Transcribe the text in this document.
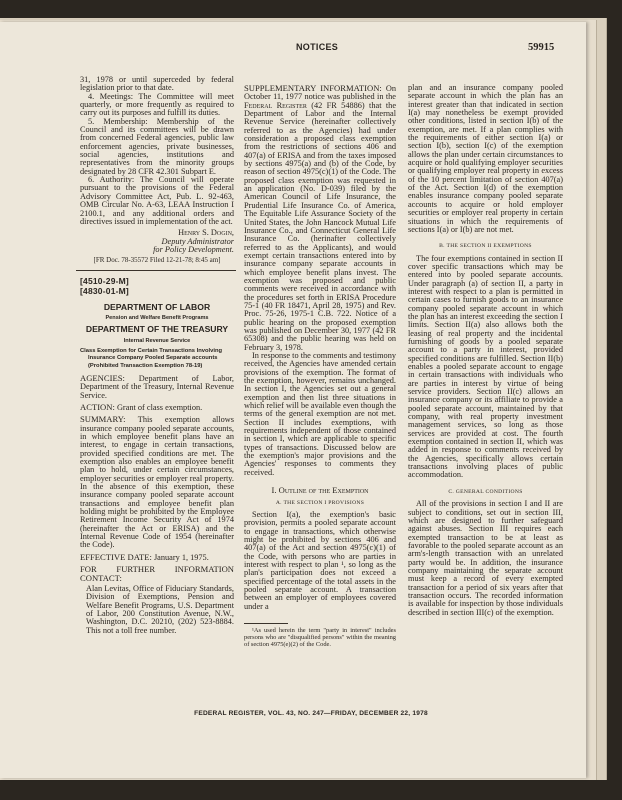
NOTICES	59915

31, 1978 or until superceded by federal legislation prior to that date.

4. Meetings: The Committee will meet quarterly, or more frequently as required to carry out its purposes and fulfill its duties.

5. Membership: Membership of the Council and its committees will be drawn from concerned Federal agencies, public law enforcement agencies, private businesses, social agencies, institutions and representatives from the minority groups designated by 28 CFR 42.301 Subpart E.

6. Authority: The Council will operate pursuant to the provisions of the Federal Advisory Committee Act, Pub. L. 92-463, OMB Circular No. A-63, LEAA Instruction I 2100.1, and any additional orders and directives issued in implementation of the act.

Henry S. Dogin,
Deputy Administrator
for Policy Development.

[FR Doc. 78-35572 Filed 12-21-78; 8:45 am]

[4510-29-M]
[4830-01-M]
DEPARTMENT OF LABOR
Pension and Welfare Benefit Programs
DEPARTMENT OF THE TREASURY
Internal Revenue Service
Class Exemption for Certain Transactions Involving Insurance Company Pooled Separate accounts (Prohibited Transaction Exemption 78-19)

AGENCIES: Department of Labor, Department of the Treasury, Internal Revenue Service.

ACTION: Grant of class exemption.

SUMMARY: This exemption allows insurance company pooled separate accounts, in which employee benefit plans have an interest, to engage in certain transactions, provided specified conditions are met. The exemption also enables an employee benefit plan to hold, under certain circumstances, employer securities or employer real property. In the absence of this exemption, these insurance company pooled separate account transactions and employee benefit plan holding might be prohibited by the Employee Retirement Income Security Act of 1974 (hereinafter the Act or ERISA) and the Internal Revenue Code of 1954 (hereinafter the Code).

EFFECTIVE DATE: January 1, 1975.

FOR FURTHER INFORMATION CONTACT:

Alan Levitas, Office of Fiduciary Standards, Division of Exemptions, Pension and Welfare Benefit Programs, U.S. Department of Labor, 200 Constitution Avenue, N.W., Washington, D.C. 20210, (202) 523-8884. This not a toll free number.

SUPPLEMENTARY INFORMATION: On October 11, 1977 notice was published in the Federal Register (42 FR 54886) that the Department of Labor and the Internal Revenue Service (hereinafter collectively referred to as the Agencies) had under consideration a proposed class exemption from the restrictions of sections 406 and 407(a) of ERISA and from the taxes imposed by sections 4975(a) and (b) of the Code, by reason of section 4975(c)(1) of the Code. The proposed class exemption was requested in an application (No. D-039) filed by the American Council of Life Insurance, the Prudential Life Insurance Co. of America, The Equitable Life Assurance Society of the United States, the John Hancock Mutual Life Insurance Co., and Connecticut General Life Insurance Co. (herinafter collectively referred to as the Applicants), and would exempt certain transactions entered into by insurance company separate accounts in which employee benefit plans invest. The exemption was proposed and public comments were received in accordance with the procedures set forth in ERISA Procedure 75-1 (40 FR 18471, April 28, 1975) and Rev. Proc. 75-26, 1975-1 C.B. 722. Notice of a public hearing on the proposed exemption was published on December 30, 1977 (42 FR 65308) and the public hearing was held on February 3, 1978.

In response to the comments and testimony received, the Agencies have amended certain provisions of the exemption. The format of the exemption, however, remains unchanged. In section I, the Agencies set out a general exemption and then list three situations in which relief will be available even though the terms of the general exemption are not met. Section II includes exemptions, with requirements independent of those contained in section I, which are applicable to specific types of transactions. Discussed below are the exemption's major provisions and the Agencies' responses to comments they received.

I. Outline of the Exemption
A. THE SECTION I PROVISIONS

Section I(a), the exemption's basic provision, permits a pooled separate account to engage in transactions, which otherwise might be prohibited by sections 406 and 407(a) of the Act and section 4975(c)(1) of the Code, with persons who are parties in interest with respect to plan ¹, so long as the plan's participation does not exceed a specified percentage of the total assets in the pooled separate account. A transaction between an employer of employees covered under a

¹As used herein the term "party in interest" includes persons who are "disqualified persons" within the meaning of section 4975(e)(2) of the Code.

plan and an insurance company pooled separate account in which the plan has an interest greater than that indicated in section I(a) may nonetheless be exempt provided other conditions, listed in section I(b) of the exemption, are met. If a plan complies with the requirements of either section I(a) or section I(b), section I(c) of the exemption allows the plan under certain circumstances to acquire or hold qualifying employer securities or qualifying employer real property in excess of the 10 percent limitation of section 407(a) of the Act. Section I(d) of the exemption enables insurance company pooled separate accounts to acquire or hold employer securities or employer real property in certain situations in which the requirements of sections I(a) or I(b) are not met.

B. THE SECTION II EXEMPTIONS

The four exemptions contained in section II cover specific transactions which may be entered into by pooled separate accounts. Under paragraph (a) of section II, a party in interest with respect to a plan is permitted in certain cases to furnish goods to an insurance company pooled separate account in which the plan has an interest exceeding the section I limits. Section II(a) also allows both the leasing of real property and the incidental furnishing of goods by a pooled separate account to a party in interest, provided specified conditions are fulfilled. Section II(b) enables a pooled separate account to engage in certain transactions with individuals who are parties in interest by virtue of being service providers. Section II(c) allows an insurance company or its affiliate to provide a pooled separate account, maintained by that company, with real property investment management services, so long as those services are provided at cost. The fourth exemption contained in section II, which was added in response to comments received by the Agencies, specifically allows certain transactions involving places of public accommodation.

C. GENERAL CONDITIONS

All of the provisions in section I and II are subject to conditions, set out in section III, which are designed to further safeguard against abuses. Section III requires each exempted transaction to be at least as favorable to the pooled separate account as an arm's-length transaction with an unrelated party would be. In addition, the insurance company maintaining the separate account must keep a record of every exempted transaction for a period of six years after that transaction occurs. The recorded information is available for inspection by those individuals described in section III(c) of the exemption.

FEDERAL REGISTER, VOL. 43, NO. 247—FRIDAY, DECEMBER 22, 1978
